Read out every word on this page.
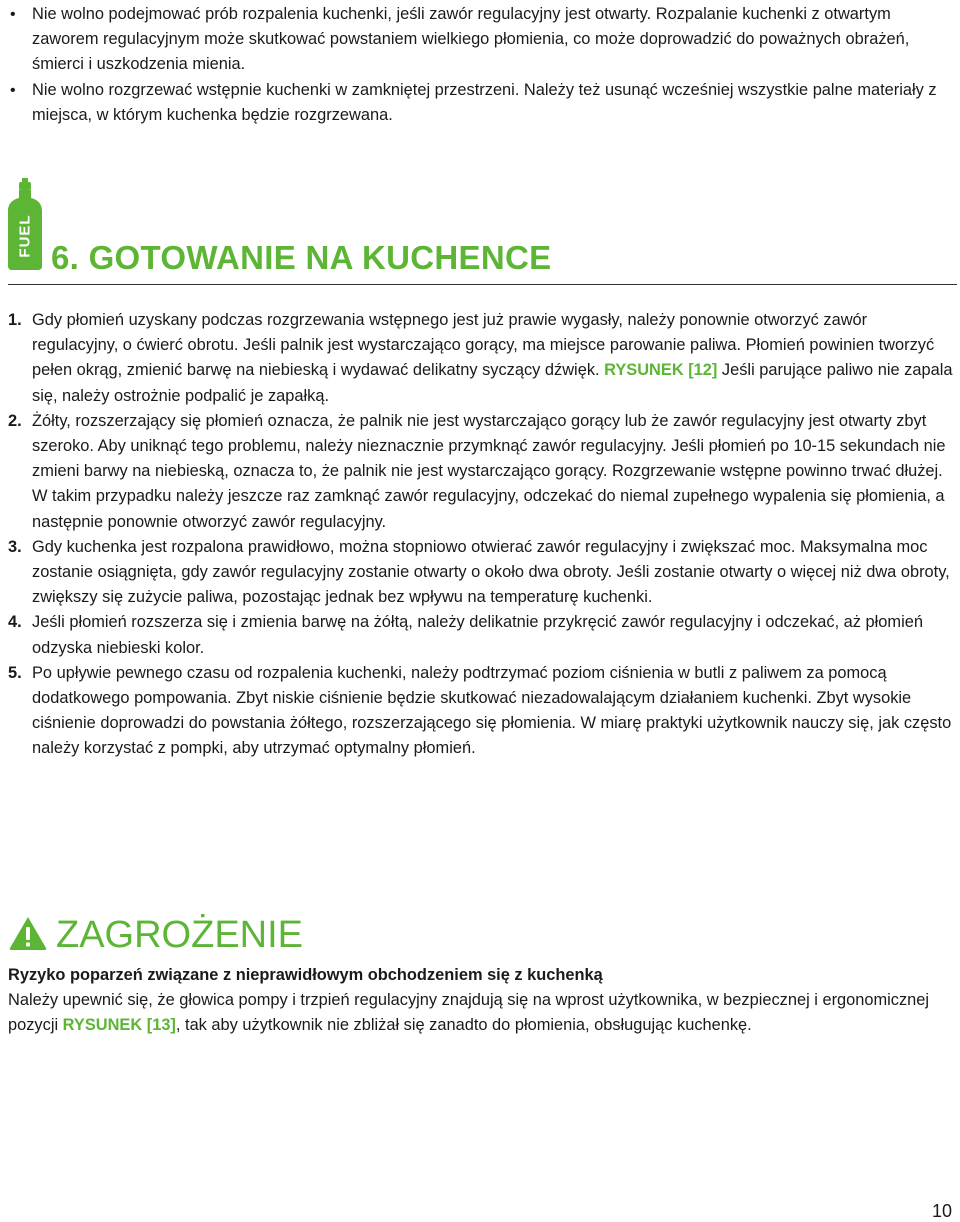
• Nie wolno podejmować prób rozpalenia kuchenki, jeśli zawór regulacyjny jest otwarty. Rozpalanie kuchenki z otwartym zaworem regulacyjnym może skutkować powstaniem wielkiego płomienia, co może doprowadzić do poważnych obrażeń, śmierci i uszkodzenia mienia.
• Nie wolno rozgrzewać wstępnie kuchenki w zamkniętej przestrzeni. Należy też usunąć wcześniej wszystkie palne materiały z miejsca, w którym kuchenka będzie rozgrzewana.
FUEL 6. GOTOWANIE NA KUCHENCE
1. Gdy płomień uzyskany podczas rozgrzewania wstępnego jest już prawie wygasły, należy ponownie otworzyć zawór regulacyjny, o ćwierć obrotu. Jeśli palnik jest wystarczająco gorący, ma miejsce parowanie paliwa. Płomień powinien tworzyć pełen okrąg, zmienić barwę na niebieską i wydawać delikatny syczący dźwięk. RYSUNEK [12] Jeśli parujące paliwo nie zapala się, należy ostrożnie podpalić je zapałką.
2. Żółty, rozszerzający się płomień oznacza, że palnik nie jest wystarczająco gorący lub że zawór regulacyjny jest otwarty zbyt szeroko. Aby uniknąć tego problemu, należy nieznacznie przymknąć zawór regulacyjny. Jeśli płomień po 10-15 sekundach nie zmieni barwy na niebieską, oznacza to, że palnik nie jest wystarczająco gorący. Rozgrzewanie wstępne powinno trwać dłużej. W takim przypadku należy jeszcze raz zamknąć zawór regulacyjny, odczekać do niemal zupełnego wypalenia się płomienia, a następnie ponownie otworzyć zawór regulacyjny.
3. Gdy kuchenka jest rozpalona prawidłowo, można stopniowo otwierać zawór regulacyjny i zwiększać moc. Maksymalna moc zostanie osiągnięta, gdy zawór regulacyjny zostanie otwarty o około dwa obroty. Jeśli zostanie otwarty o więcej niż dwa obroty, zwiększy się zużycie paliwa, pozostając jednak bez wpływu na temperaturę kuchenki.
4. Jeśli płomień rozszerza się i zmienia barwę na żółtą, należy delikatnie przykręcić zawór regulacyjny i odczekać, aż płomień odzyska niebieski kolor.
5. Po upływie pewnego czasu od rozpalenia kuchenki, należy podtrzymać poziom ciśnienia w butli z paliwem za pomocą dodatkowego pompowania. Zbyt niskie ciśnienie będzie skutkować niezadowalającym działaniem kuchenki. Zbyt wysokie ciśnienie doprowadzi do powstania żółtego, rozszerzającego się płomienia. W miarę praktyki użytkownik nauczy się, jak często należy korzystać z pompki, aby utrzymać optymalny płomień.
ZAGROŻENIE
Ryzyko poparzeń związane z nieprawidłowym obchodzeniem się z kuchenką
Należy upewnić się, że głowica pompy i trzpień regulacyjny znajdują się na wprost użytkownika, w bezpiecznej i ergonomicznej pozycji RYSUNEK [13], tak aby użytkownik nie zbliżał się zanadto do płomienia, obsługując kuchenkę.
10
